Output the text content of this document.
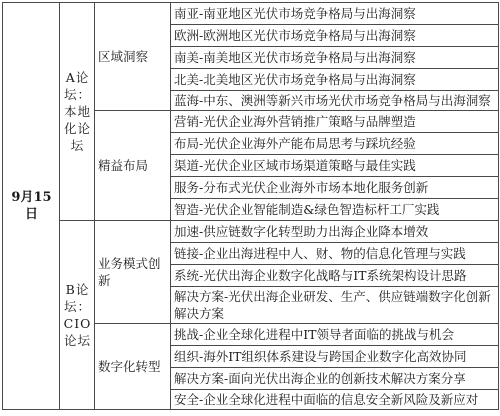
9月15日	A论坛：本地化论坛	区域洞察	南亚-南亚地区光伏市场竞争格局与出海洞察
			欧洲-欧洲地区光伏市场竞争格局与出海洞察
			南美-南美地区光伏市场竞争格局与出海洞察
			北美-北美地区光伏市场竞争格局与出海洞察
			蓝海-中东、澳洲等新兴市场光伏市场竞争格局与出海洞察
		精益布局	营销-光伏企业海外营销推广策略与品牌塑造
			布局-光伏企业海外产能布局思考与踩坑经验
			渠道-光伏企业区域市场渠道策略与最佳实践
			服务-分布式光伏企业海外市场本地化服务创新
			智造-光伏企业智能制造&绿色智造标杆工厂实践
	B论坛：CIO论坛	业务模式创新	加速-供应链数字化转型助力出海企业降本增效
			链接-企业出海进程中人、财、物的信息化管理与实践
			系统-光伏出海企业数字化战略与IT系统架构设计思路
			解决方案-光伏出海企业研发、生产、供应链端数字化创新解决方案
		数字化转型	挑战-企业全球化进程中IT领导者面临的挑战与机会
			组织-海外IT组织体系建设与跨国企业数字化高效协同
			解决方案-面向光伏出海企业的创新技术解决方案分享
			安全-企业全球化进程中面临的信息安全新风险及新应对
